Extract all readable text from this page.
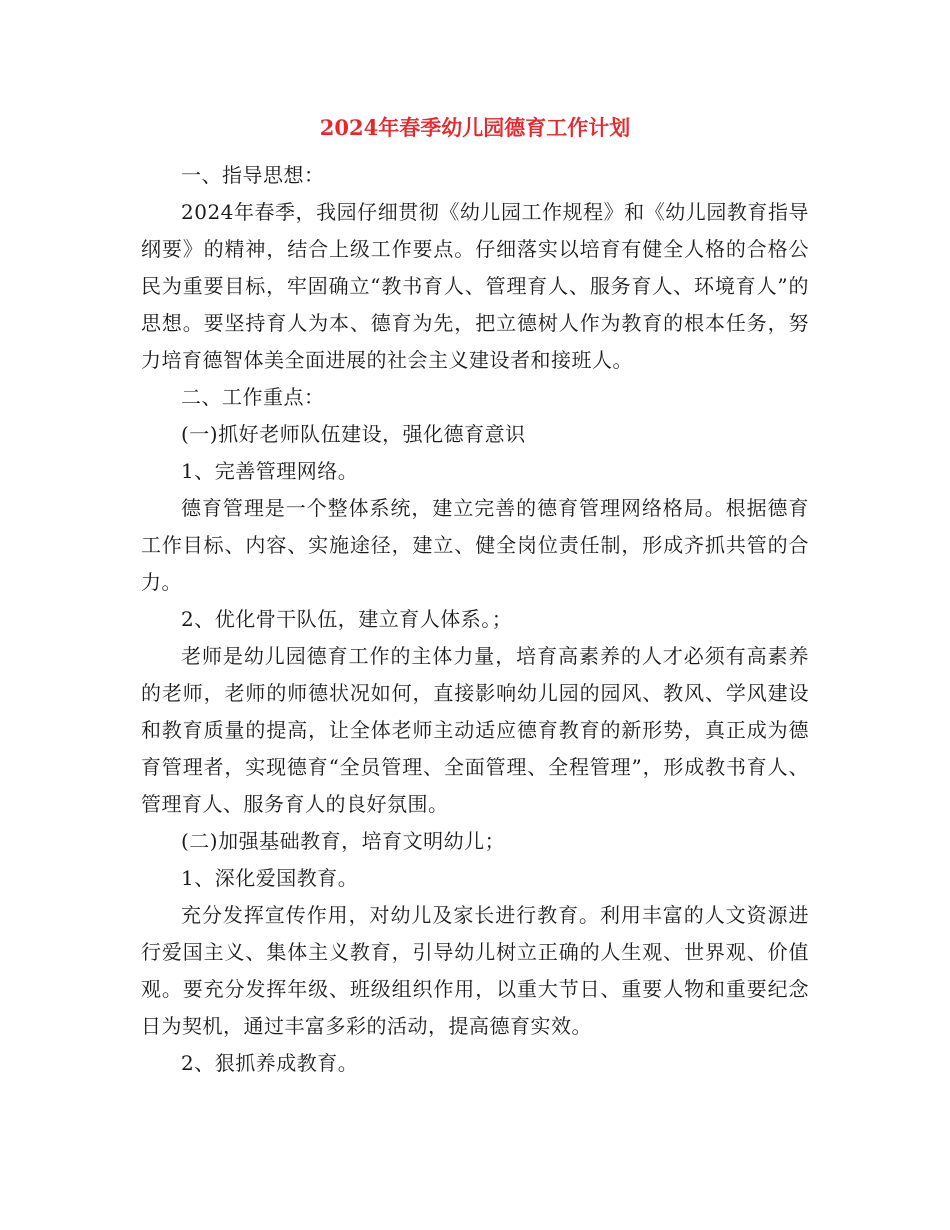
2024年春季幼儿园德育工作计划

一、指导思想：

2024年春季，我园仔细贯彻《幼儿园工作规程》和《幼儿园教育指导纲要》的精神，结合上级工作要点。仔细落实以培育有健全人格的合格公民为重要目标，牢固确立“教书育人、管理育人、服务育人、环境育人”的思想。要坚持育人为本、德育为先，把立德树人作为教育的根本任务，努力培育德智体美全面进展的社会主义建设者和接班人。

二、工作重点：

(一)抓好老师队伍建设，强化德育意识

1、完善管理网络。

德育管理是一个整体系统，建立完善的德育管理网络格局。根据德育工作目标、内容、实施途径，建立、健全岗位责任制，形成齐抓共管的合力。

2、优化骨干队伍，建立育人体系。；

老师是幼儿园德育工作的主体力量，培育高素养的人才必须有高素养的老师，老师的师德状况如何，直接影响幼儿园的园风、教风、学风建设和教育质量的提高，让全体老师主动适应德育教育的新形势，真正成为德育管理者，实现德育“全员管理、全面管理、全程管理”，形成教书育人、管理育人、服务育人的良好氛围。

(二)加强基础教育，培育文明幼儿；

1、深化爱国教育。

充分发挥宣传作用，对幼儿及家长进行教育。利用丰富的人文资源进行爱国主义、集体主义教育，引导幼儿树立正确的人生观、世界观、价值观。要充分发挥年级、班级组织作用，以重大节日、重要人物和重要纪念日为契机，通过丰富多彩的活动，提高德育实效。

2、狠抓养成教育。
